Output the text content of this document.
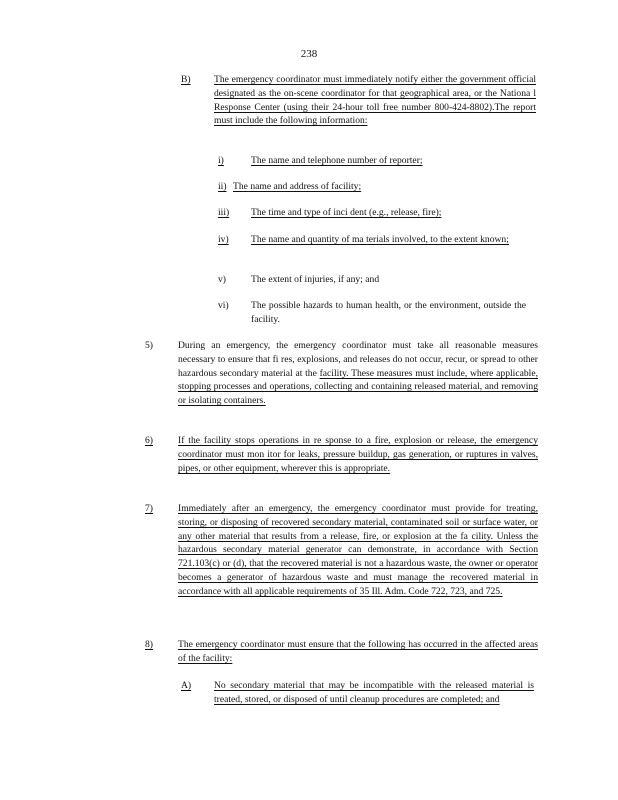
238
B) The emergency coordinator must immediately notify either the government official designated as the on-scene coordinator for that geographical area, or the Nationa l Response Center (using their 24-hour toll free number 800-424-8802).The report must include the following information:
i)	The name and telephone number of reporter;
ii) The name and address of facility;
iii) The time and type of inci dent (e.g., release, fire);
iv) The name and quantity of ma terials involved, to the extent known;
v)	The extent of injuries, if any; and
vi) The possible hazards to human health, or the environment, outside the facility.
5)	During an emergency, the emergency coordinator must take all reasonable measures necessary to ensure that fi res, explosions, and releases do not occur, recur, or spread to other hazardous secondary material at the facility. These measures must include, where applicable, stopping processes and operations, collecting and containing released material, and removing or isolating containers.
6)	If the facility stops operations in re sponse to a fire, explosion or release, the emergency coordinator must mon itor for leaks, pressure buildup, gas generation, or ruptures in valves, pipes, or other equipment, wherever this is appropriate.
7)	Immediately after an emergency, the emergency coordinator must provide for treating, storing, or disposing of recovered secondary material, contaminated soil or surface water, or any other material that results from a release, fire, or explosion at the fa cility. Unless the hazardous secondary material generator can demonstrate, in accordance with Section 721.103(c) or (d), that the recovered material is not a hazardous waste, the owner or operator becomes a generator of hazardous waste and must manage the recovered material in accordance with all applicable requirements of 35 Ill. Adm. Code 722, 723, and 725.
8)	The emergency coordinator must ensure that the following has occurred in the affected areas of the facility:
A) No secondary material that may be incompatible with the released material is treated, stored, or disposed of until cleanup procedures are completed; and
